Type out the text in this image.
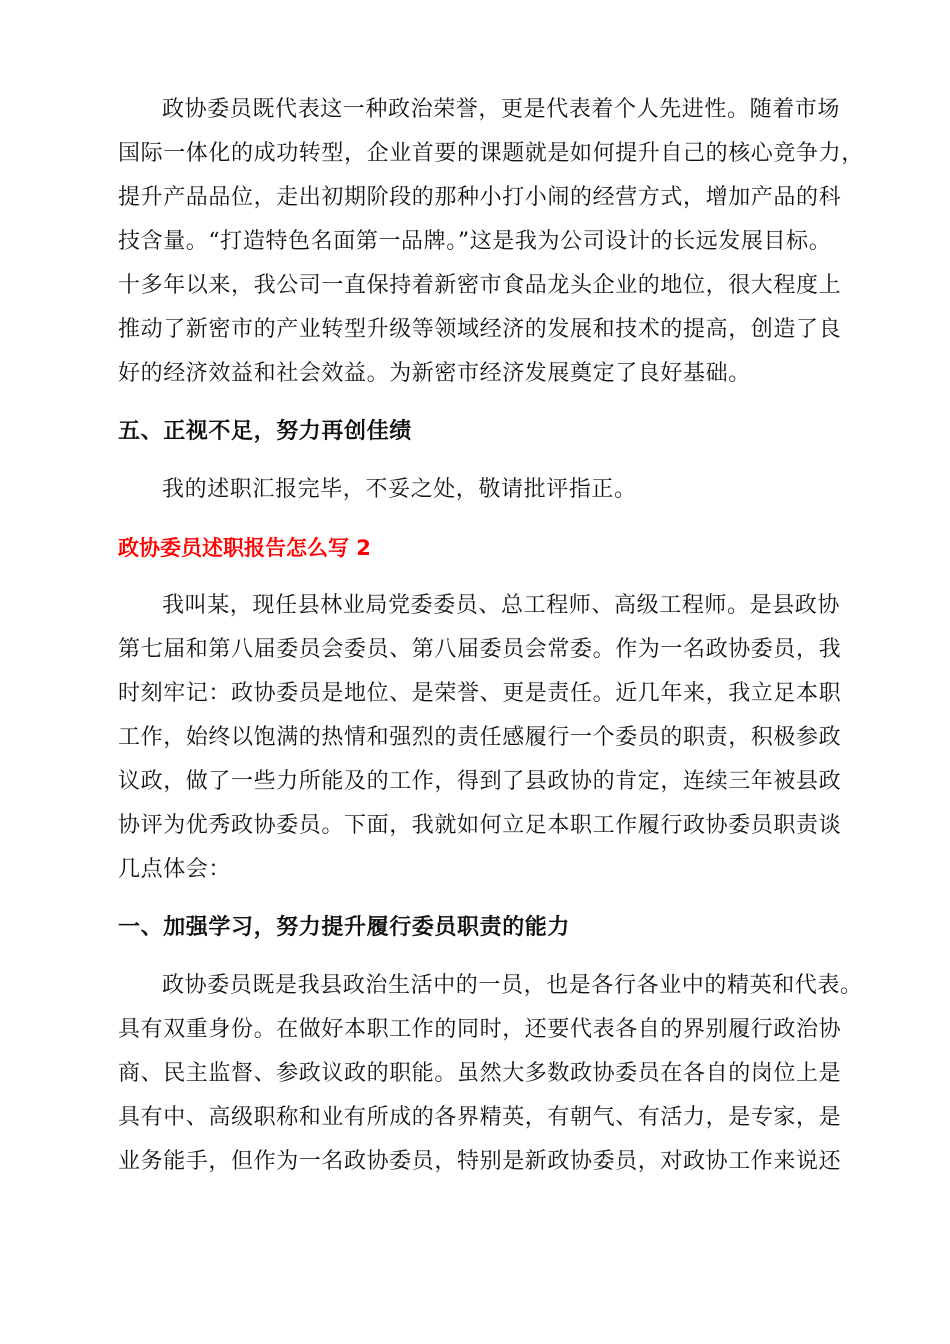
政协委员既代表这一种政治荣誉，更是代表着个人先进性。随着市场
国际一体化的成功转型，企业首要的课题就是如何提升自己的核心竞争力，
提升产品品位，走出初期阶段的那种小打小闹的经营方式，增加产品的科
技含量。“打造特色名面第一品牌。”这是我为公司设计的长远发展目标。
十多年以来，我公司一直保持着新密市食品龙头企业的地位，很大程度上
推动了新密市的产业转型升级等领域经济的发展和技术的提高，创造了良
好的经济效益和社会效益。为新密市经济发展奠定了良好基础。
五、正视不足，努力再创佳绩
我的述职汇报完毕，不妥之处，敬请批评指正。
政协委员述职报告怎么写 2
我叫某，现任县林业局党委委员、总工程师、高级工程师。是县政协
第七届和第八届委员会委员、第八届委员会常委。作为一名政协委员，我
时刻牢记：政协委员是地位、是荣誉、更是责任。近几年来，我立足本职
工作，始终以饱满的热情和强烈的责任感履行一个委员的职责，积极参政
议政，做了一些力所能及的工作，得到了县政协的肯定，连续三年被县政
协评为优秀政协委员。下面，我就如何立足本职工作履行政协委员职责谈
几点体会：
一、加强学习，努力提升履行委员职责的能力
政协委员既是我县政治生活中的一员，也是各行各业中的精英和代表。
具有双重身份。在做好本职工作的同时，还要代表各自的界别履行政治协
商、民主监督、参政议政的职能。虽然大多数政协委员在各自的岗位上是
具有中、高级职称和业有所成的各界精英，有朝气、有活力，是专家，是
业务能手，但作为一名政协委员，特别是新政协委员，对政协工作来说还
